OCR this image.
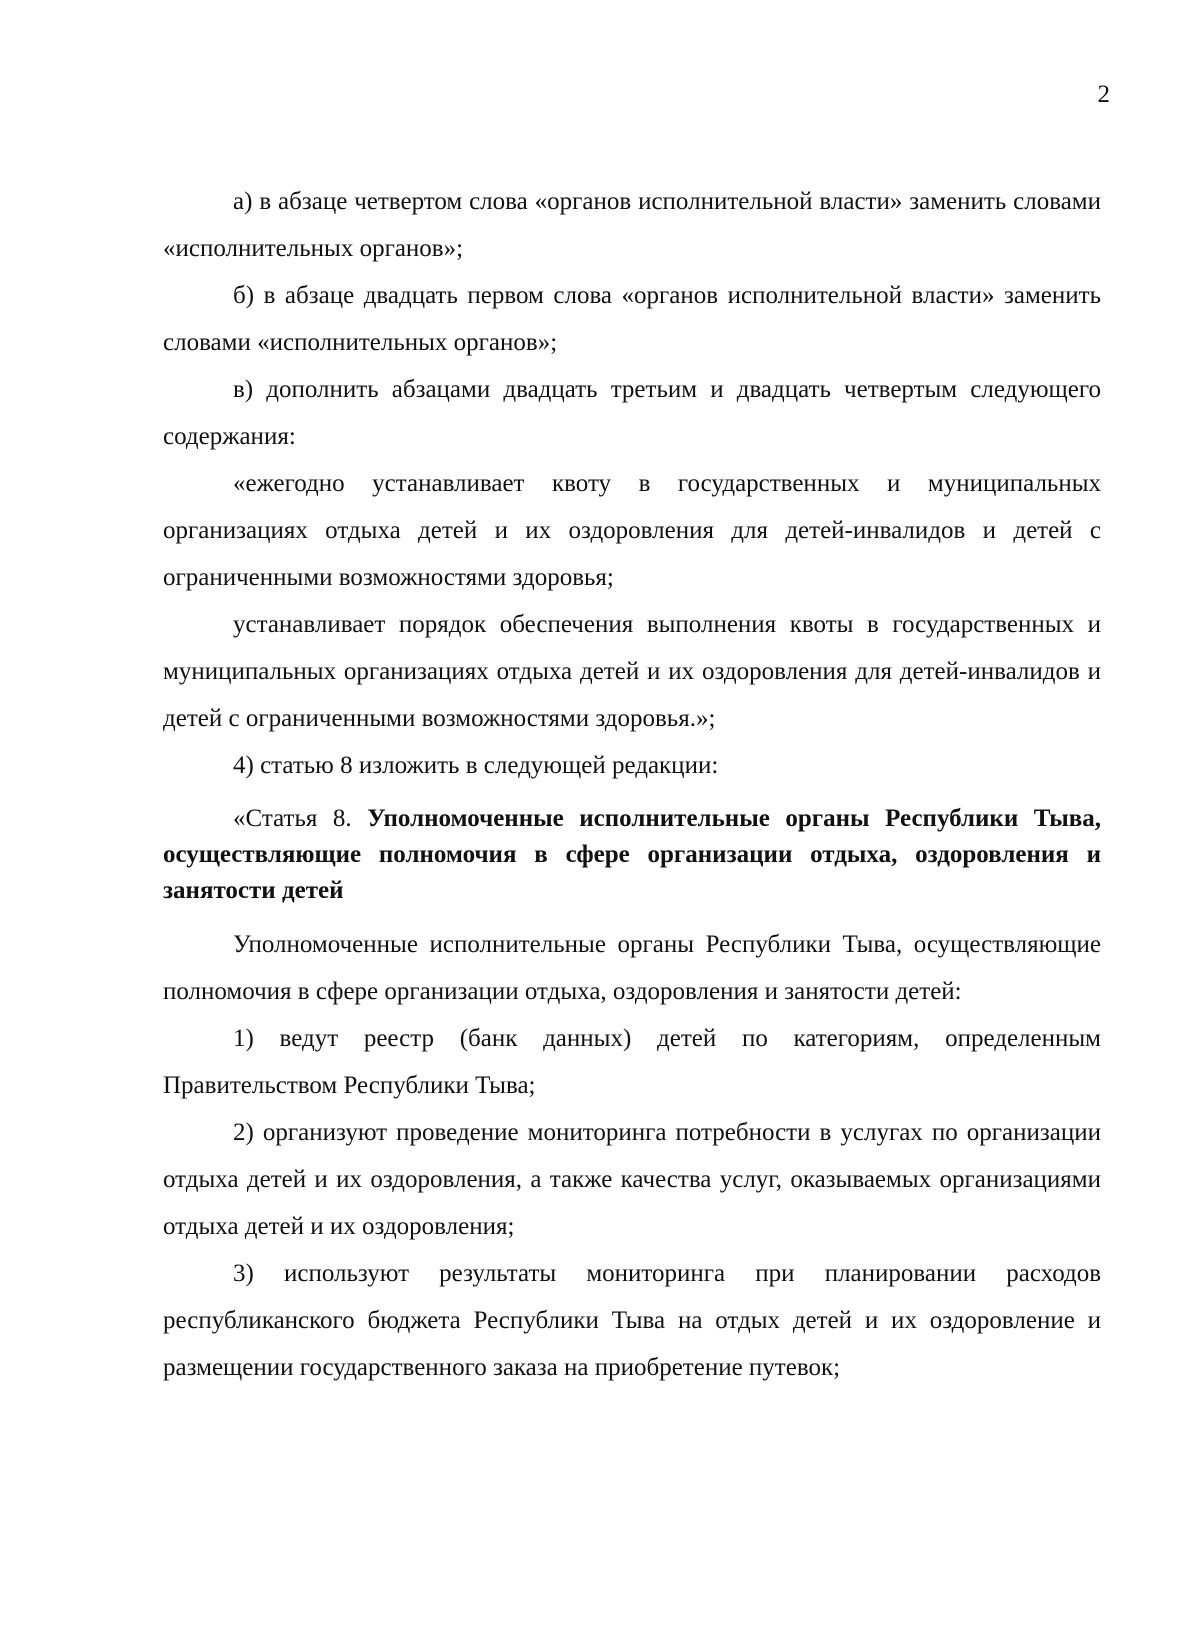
2

а) в абзаце четвертом слова «органов исполнительной власти» заменить словами «исполнительных органов»;

б) в абзаце двадцать первом слова «органов исполнительной власти» заменить словами «исполнительных органов»;

в) дополнить абзацами двадцать третьим и двадцать четвертым следующего содержания:

«ежегодно устанавливает квоту в государственных и муниципальных организациях отдыха детей и их оздоровления для детей-инвалидов и детей с ограниченными возможностями здоровья;

устанавливает порядок обеспечения выполнения квоты в государственных и муниципальных организациях отдыха детей и их оздоровления для детей-инвалидов и детей с ограниченными возможностями здоровья.»;

4) статью 8 изложить в следующей редакции:

«Статья 8. Уполномоченные исполнительные органы Республики Тыва, осуществляющие полномочия в сфере организации отдыха, оздоровления и занятости детей

Уполномоченные исполнительные органы Республики Тыва, осуществляющие полномочия в сфере организации отдыха, оздоровления и занятости детей:

1) ведут реестр (банк данных) детей по категориям, определенным Правительством Республики Тыва;

2) организуют проведение мониторинга потребности в услугах по организации отдыха детей и их оздоровления, а также качества услуг, оказываемых организациями отдыха детей и их оздоровления;

3) используют результаты мониторинга при планировании расходов республиканского бюджета Республики Тыва на отдых детей и их оздоровление и размещении государственного заказа на приобретение путевок;
